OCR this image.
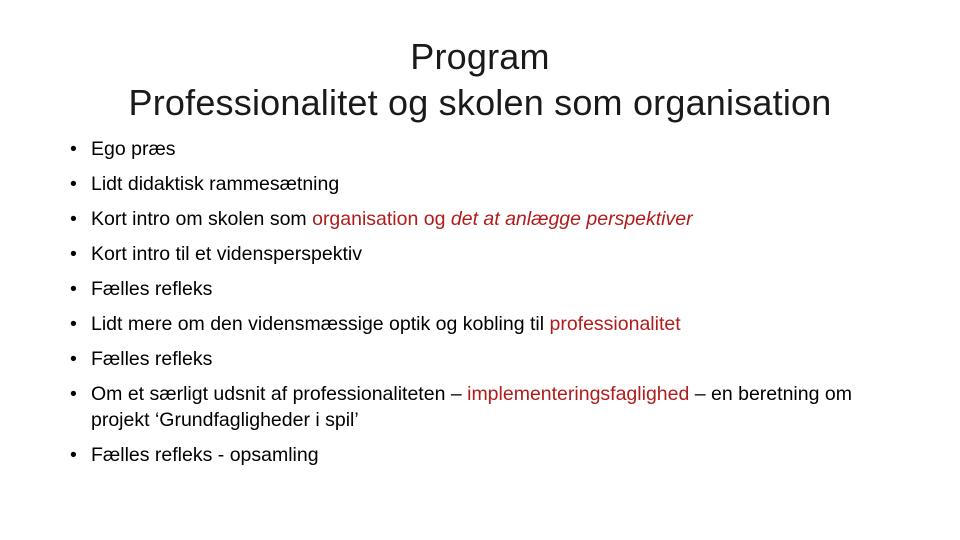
Program
Professionalitet og skolen som organisation
• Ego præs
• Lidt didaktisk rammesætning
• Kort intro om skolen som organisation og det at anlægge perspektiver
• Kort intro til et vidensperspektiv
• Fælles refleks
• Lidt mere om den vidensmæssige optik og kobling til professionalitet
• Fælles refleks
• Om et særligt udsnit af professionaliteten – implementeringsfaglighed – en beretning om projekt ‘Grundfagligheder i spil’
• Fælles refleks - opsamling
